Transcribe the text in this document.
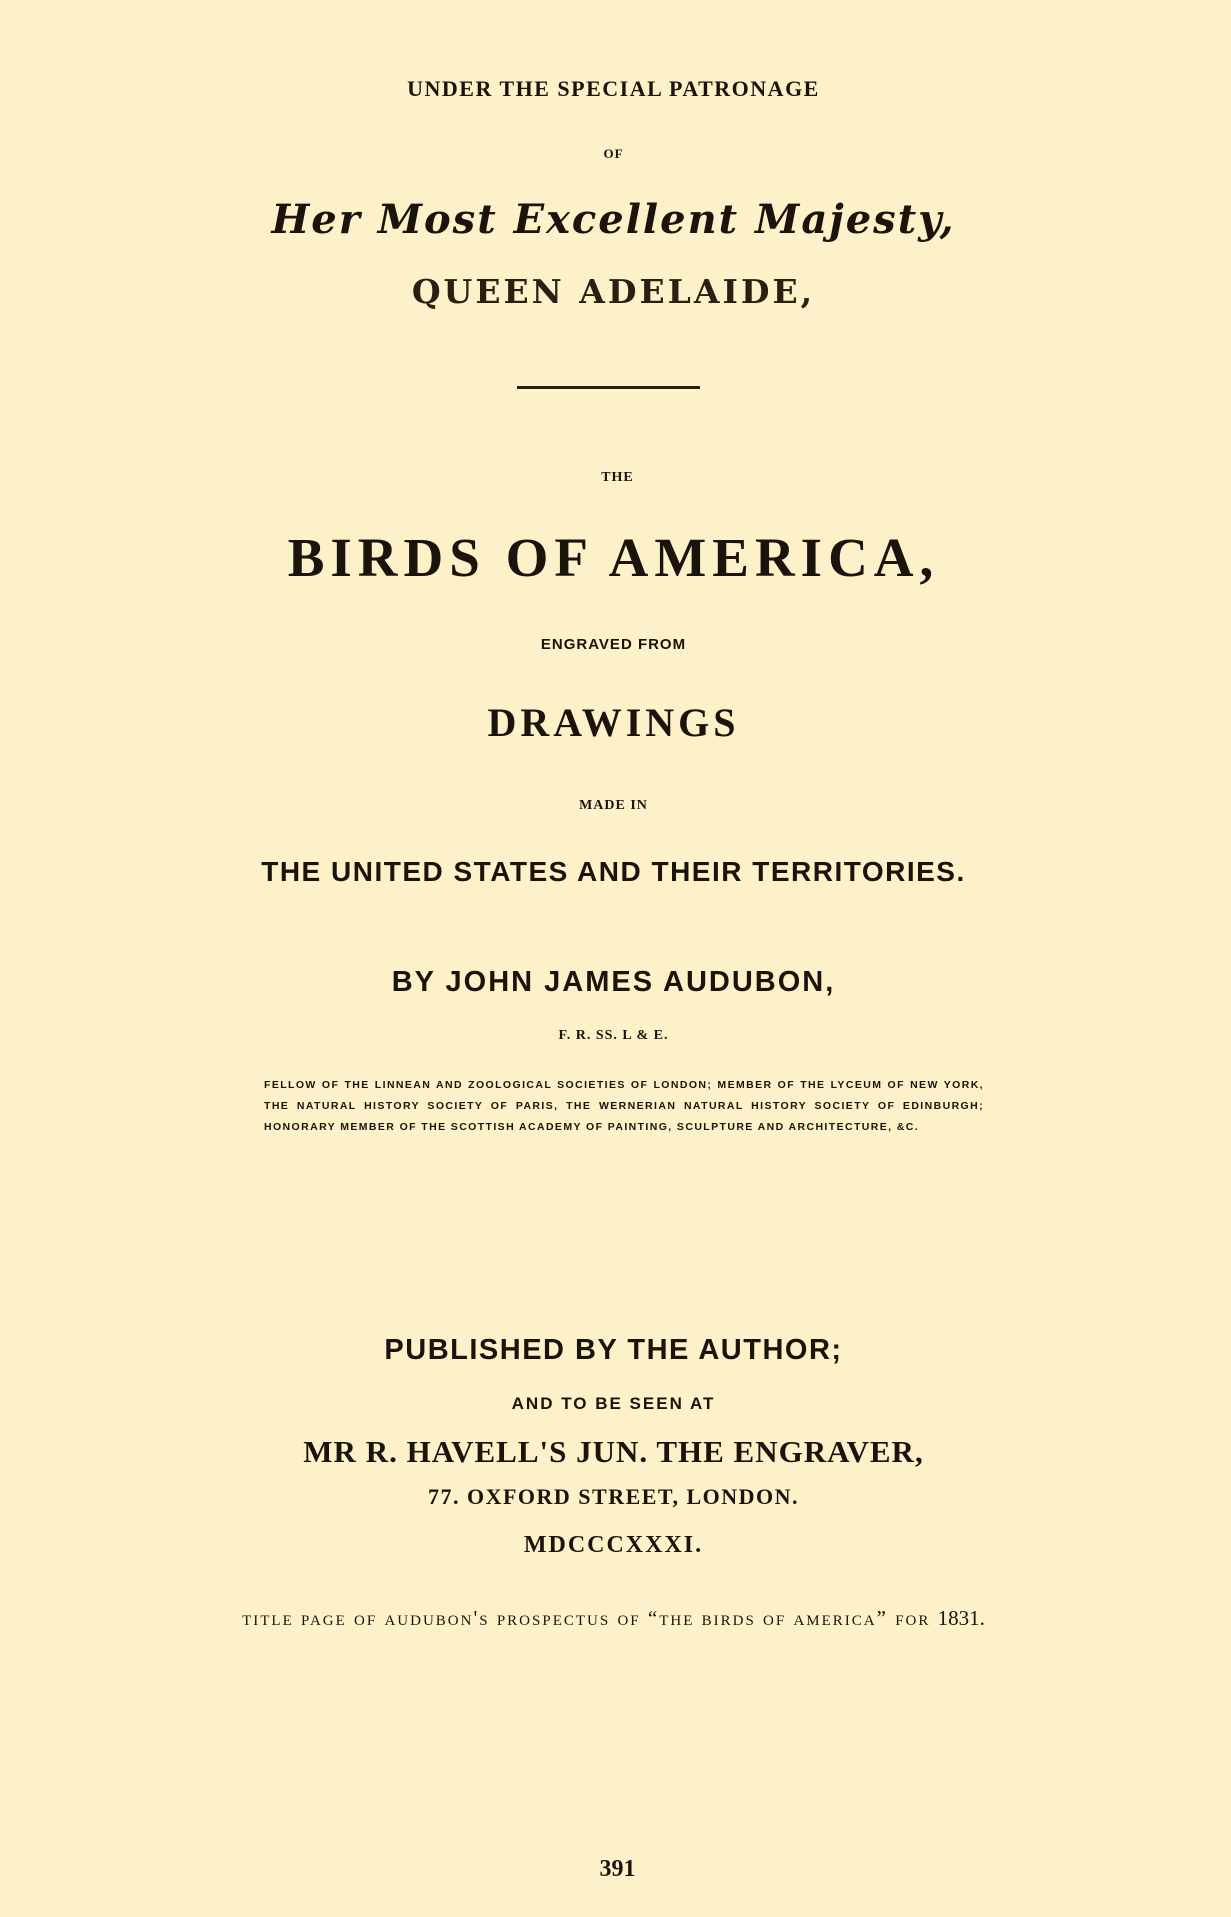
UNDER THE SPECIAL PATRONAGE

OF

Her Most Excellent Majesty,

QUEEN ADELAIDE,

THE

BIRDS OF AMERICA,

ENGRAVED FROM

DRAWINGS

MADE IN

THE UNITED STATES AND THEIR TERRITORIES.

BY JOHN JAMES AUDUBON,

F. R. SS. L & E.

FELLOW OF THE LINNEAN AND ZOOLOGICAL SOCIETIES OF LONDON; MEMBER OF THE LYCEUM OF NEW YORK, THE NATURAL HISTORY SOCIETY OF PARIS, THE WERNERIAN NATURAL HISTORY SOCIETY OF EDINBURGH; HONORARY MEMBER OF THE SCOTTISH ACADEMY OF PAINTING, SCULPTURE AND ARCHITECTURE, &C.

PUBLISHED BY THE AUTHOR;

AND TO BE SEEN AT

MR R. HAVELL'S JUN. THE ENGRAVER,

77. OXFORD STREET, LONDON.

MDCCCXXXI.

title page of audubon's prospectus of “the birds of america” for 1831.

391
